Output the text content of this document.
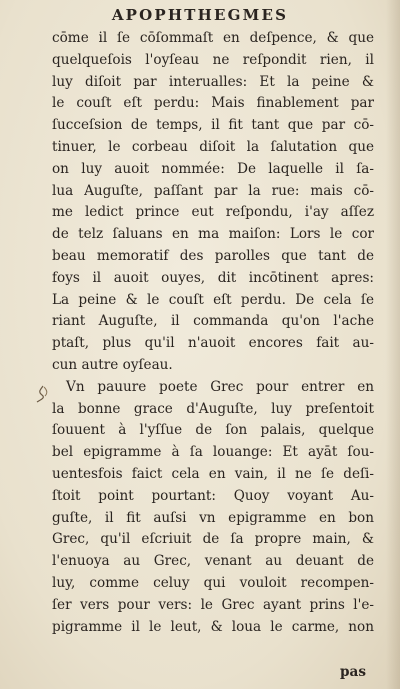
APOPHTHEGMES
cōme il ſe cōſommaſt en deſpence, & que
quelqueſois l'oyſeau ne reſpondit rien, il
luy diſoit par interualles: Et la peine &
le couſt eſt perdu: Mais finablement par
ſucceſsion de temps, il fit tant que par cō-
tinuer, le corbeau diſoit la ſalutation que
on luy auoit nommée: De laquelle il ſa-
lua Auguſte, paſſant par la rue: mais cō-
me ledict prince eut reſpondu, i'ay aſſez
de telz ſaluans en ma maiſon: Lors le cor
beau memoratif des parolles que tant de
foys il auoit ouyes, dit incōtinent apres:
La peine & le couſt eſt perdu. De cela ſe
riant Auguſte, il commanda qu'on l'ache
ptaſt, plus qu'il n'auoit encores fait au-
cun autre oyſeau.
Vn pauure poete Grec pour entrer en
la bonne grace d'Auguſte, luy preſentoit
ſouuent à l'yſſue de ſon palais, quelque
bel epigramme à ſa louange: Et ayāt ſou-
uentesfois faict cela en vain, il ne ſe deſi-
ſtoit point pourtant: Quoy voyant Au-
guſte, il fit auſsi vn epigramme en bon
Grec, qu'il eſcriuit de ſa propre main, &
l'enuoya au Grec, venant au deuant de
luy, comme celuy qui vouloit recompen-
ſer vers pour vers: le Grec ayant prins l'e-
pigramme il le leut, & loua le carme, non
pas
